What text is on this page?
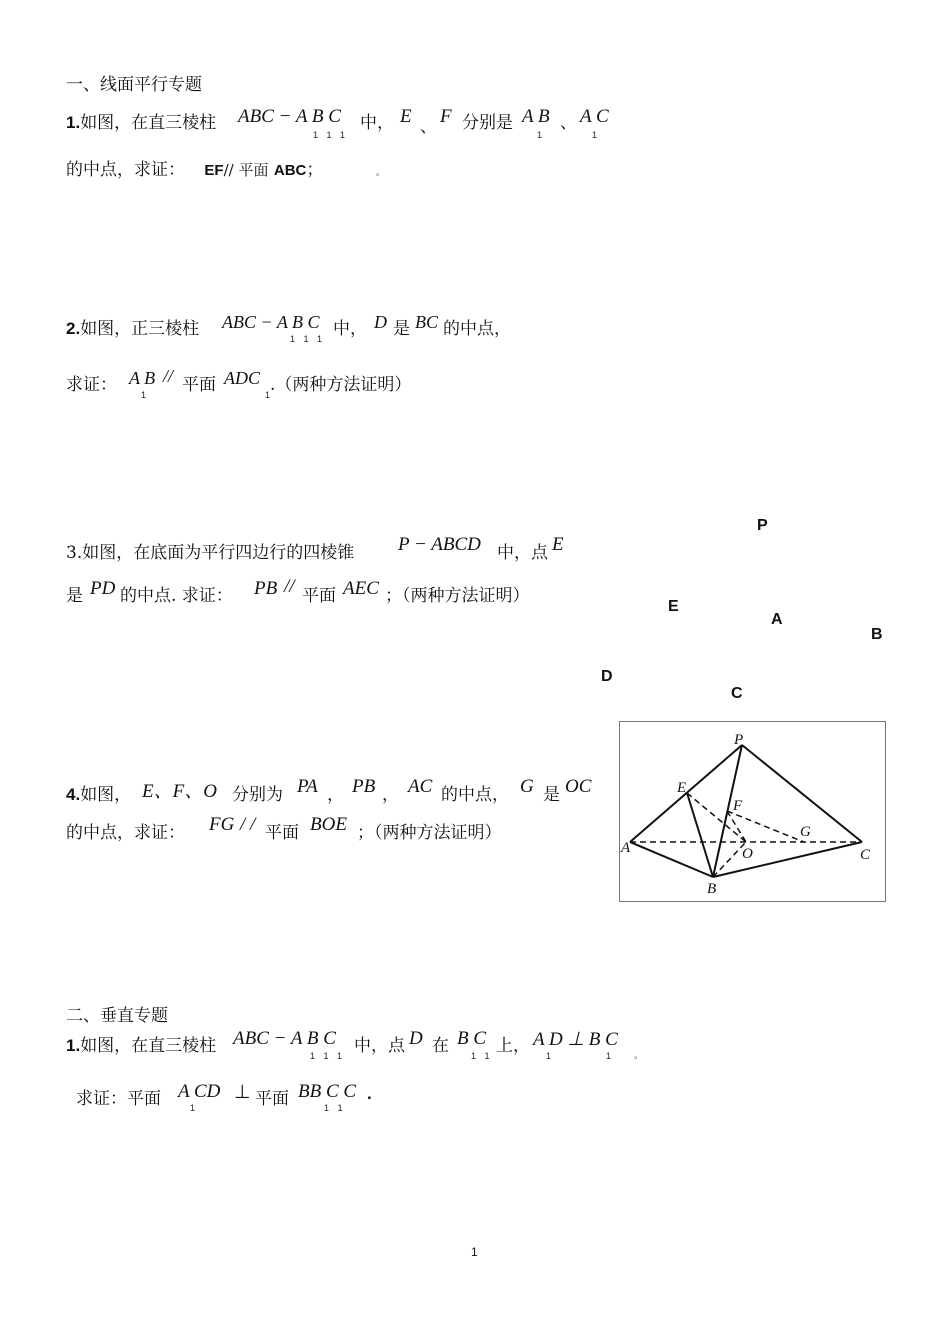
一、线面平行专题
1.如图，在直三棱柱 ABC − A B C
1 1 1
中， E 、 F 分别是 A B
1
、 A C
1
的中点，求证： EF// 平面 ABC；	。
2.如图，正三棱柱 ABC − A B C
1 1 1 中， D 是 BC 的中点，
求证： A B
1
// 平面 ADC
1 .（两种方法证明）
3.如图，在底面为平行四边行的四棱锥 P − ABCD 中，点 E
是 PD 的中点. 求证： PB // 平面 AEC ；（两种方法证明）
P
E
A
B
D
C
4.如图， E、F、O 分别为 PA ， PB ， AC 的中点， G 是 OC
的中点，求证： FG / / 平面 BOE ；（两种方法证明）
P
E
F
G
A	O
B
C
二、垂直专题
1.如图，在直三棱柱 ABC − A B C
1 1 1 中，点 D 在 B C
1 1 上， A D ⊥ B C
1	1	。
求证：平面 A CD
1
⊥ 平面 BB C C
1 1
.
1
